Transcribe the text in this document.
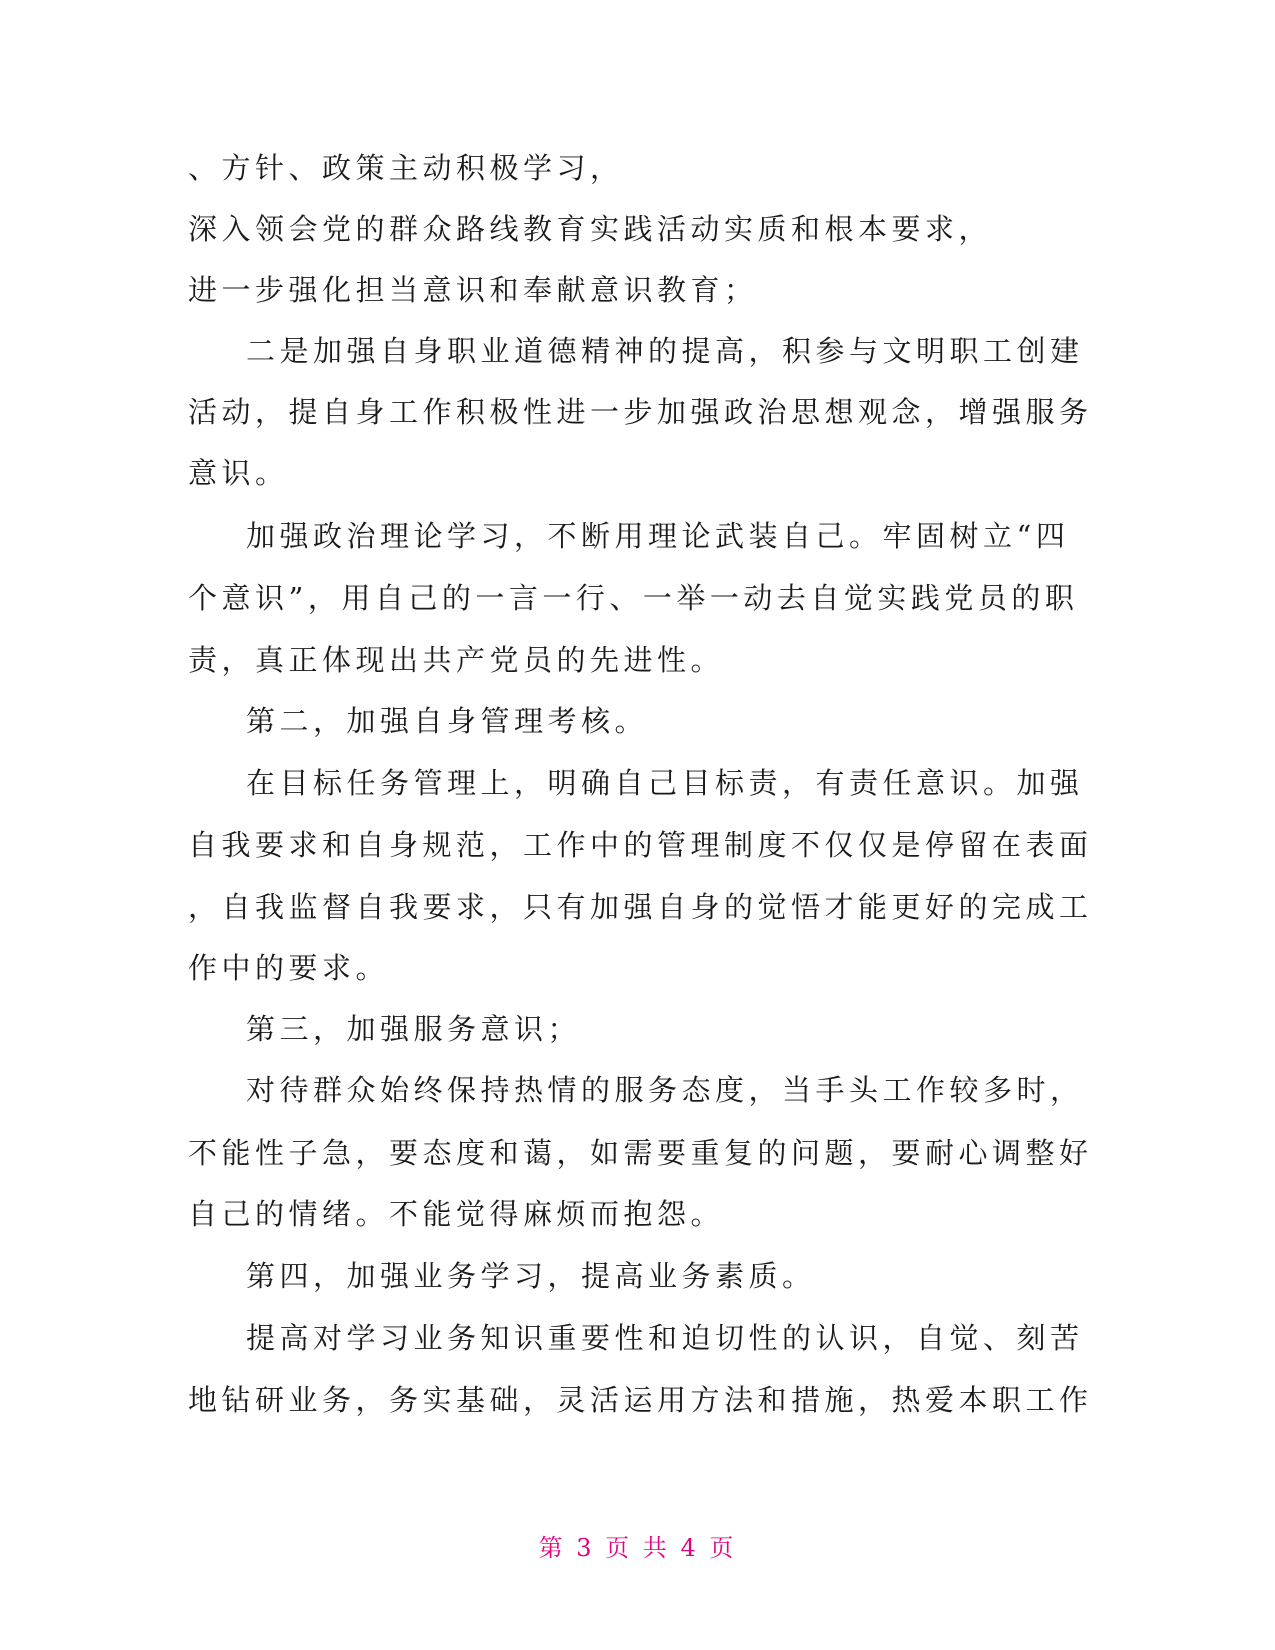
、方针、政策主动积极学习，
深入领会党的群众路线教育实践活动实质和根本要求，
进一步强化担当意识和奉献意识教育；
二是加强自身职业道德精神的提高，积参与文明职工创建
活动，提自身工作积极性进一步加强政治思想观念，增强服务
意识。
加强政治理论学习，不断用理论武装自己。牢固树立“四
个意识”，用自己的一言一行、一举一动去自觉实践党员的职
责，真正体现出共产党员的先进性。
第二，加强自身管理考核。
在目标任务管理上，明确自己目标责，有责任意识。加强
自我要求和自身规范，工作中的管理制度不仅仅是停留在表面
，自我监督自我要求，只有加强自身的觉悟才能更好的完成工
作中的要求。
第三，加强服务意识；
对待群众始终保持热情的服务态度，当手头工作较多时，
不能性子急，要态度和蔼，如需要重复的问题，要耐心调整好
自己的情绪。不能觉得麻烦而抱怨。
第四，加强业务学习，提高业务素质。
提高对学习业务知识重要性和迫切性的认识，自觉、刻苦
地钻研业务，务实基础，灵活运用方法和措施，热爱本职工作
第 3 页 共 4 页
